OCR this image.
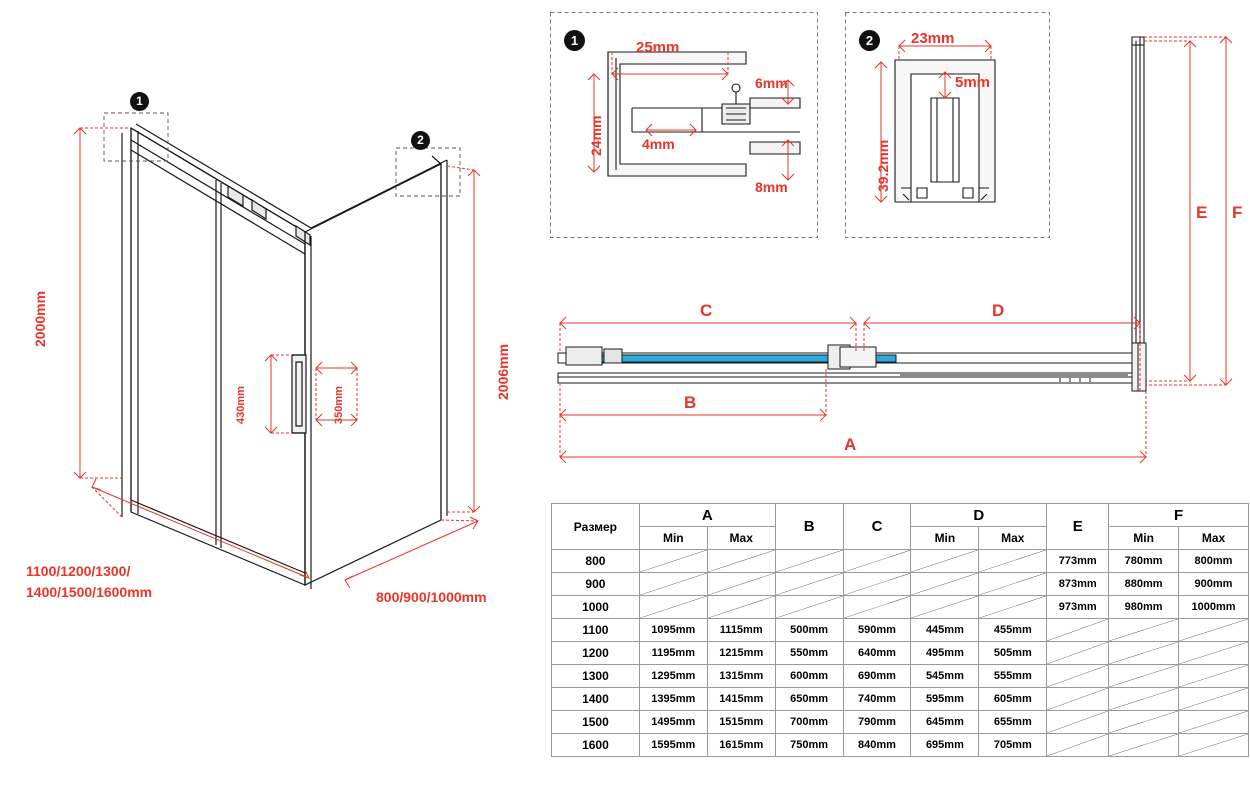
1
2
2000mm
2006mm
430mm	350mm
1100/1200/1300/
1400/1500/1600mm	800/900/1000mm
1	25mm
24mm	4mm
6mm
8mm
2	23mm
5mm
39.2mm
E F
C	D
B
A
Размер	A		B	C	D		E	F	
	Min	Max			Min	Max		Min	Max
800							773mm	780mm	800mm
900							873mm	880mm	900mm
1000							973mm	980mm	1000mm
1100	1095mm	1115mm	500mm	590mm	445mm	455mm	

1200	1195mm	1215mm	550mm	640mm	495mm	505mm	

1300	1295mm	1315mm	600mm	690mm	545mm	555mm	

1400	1395mm	1415mm	650mm	740mm	595mm	605mm	

1500	1495mm	1515mm	700mm	790mm	645mm	655mm	

1600	1595mm	1615mm	750mm	840mm	695mm	705mm	
